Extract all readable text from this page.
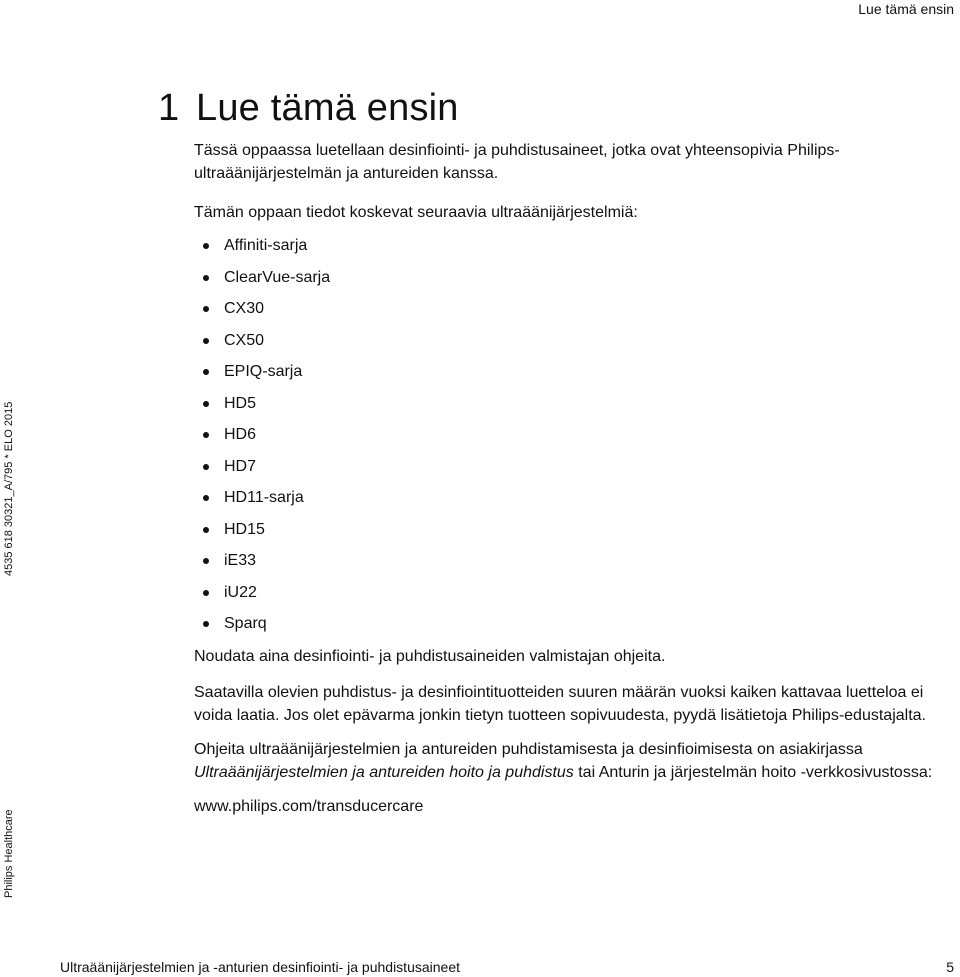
Lue tämä ensin
1 Lue tämä ensin

Tässä oppaassa luetellaan desinfiointi- ja puhdistusaineet, jotka ovat yhteensopivia Philips-ultraäänijärjestelmän ja antureiden kanssa.

Tämän oppaan tiedot koskevat seuraavia ultraäänijärjestelmiä:

Affiniti-sarja
ClearVue-sarja
CX30
CX50
EPIQ-sarja
HD5
HD6
HD7
HD11-sarja
HD15
iE33
iU22
Sparq

Noudata aina desinfiointi- ja puhdistusaineiden valmistajan ohjeita.

Saatavilla olevien puhdistus- ja desinfiointituotteiden suuren määrän vuoksi kaiken kattavaa luetteloa ei voida laatia. Jos olet epävarma jonkin tietyn tuotteen sopivuudesta, pyydä lisätietoja Philips-edustajalta.

Ohjeita ultraäänijärjestelmien ja antureiden puhdistamisesta ja desinfioimisesta on asiakirjassa Ultraäänijärjestelmien ja antureiden hoito ja puhdistus tai Anturin ja järjestelmän hoito ‑verkkosivustossa:

www.philips.com/transducercare

4535 618 30321_A/795 * ELO 2015
Philips Healthcare
Ultraäänijärjestelmien ja -anturien desinfiointi- ja puhdistusaineet	5
